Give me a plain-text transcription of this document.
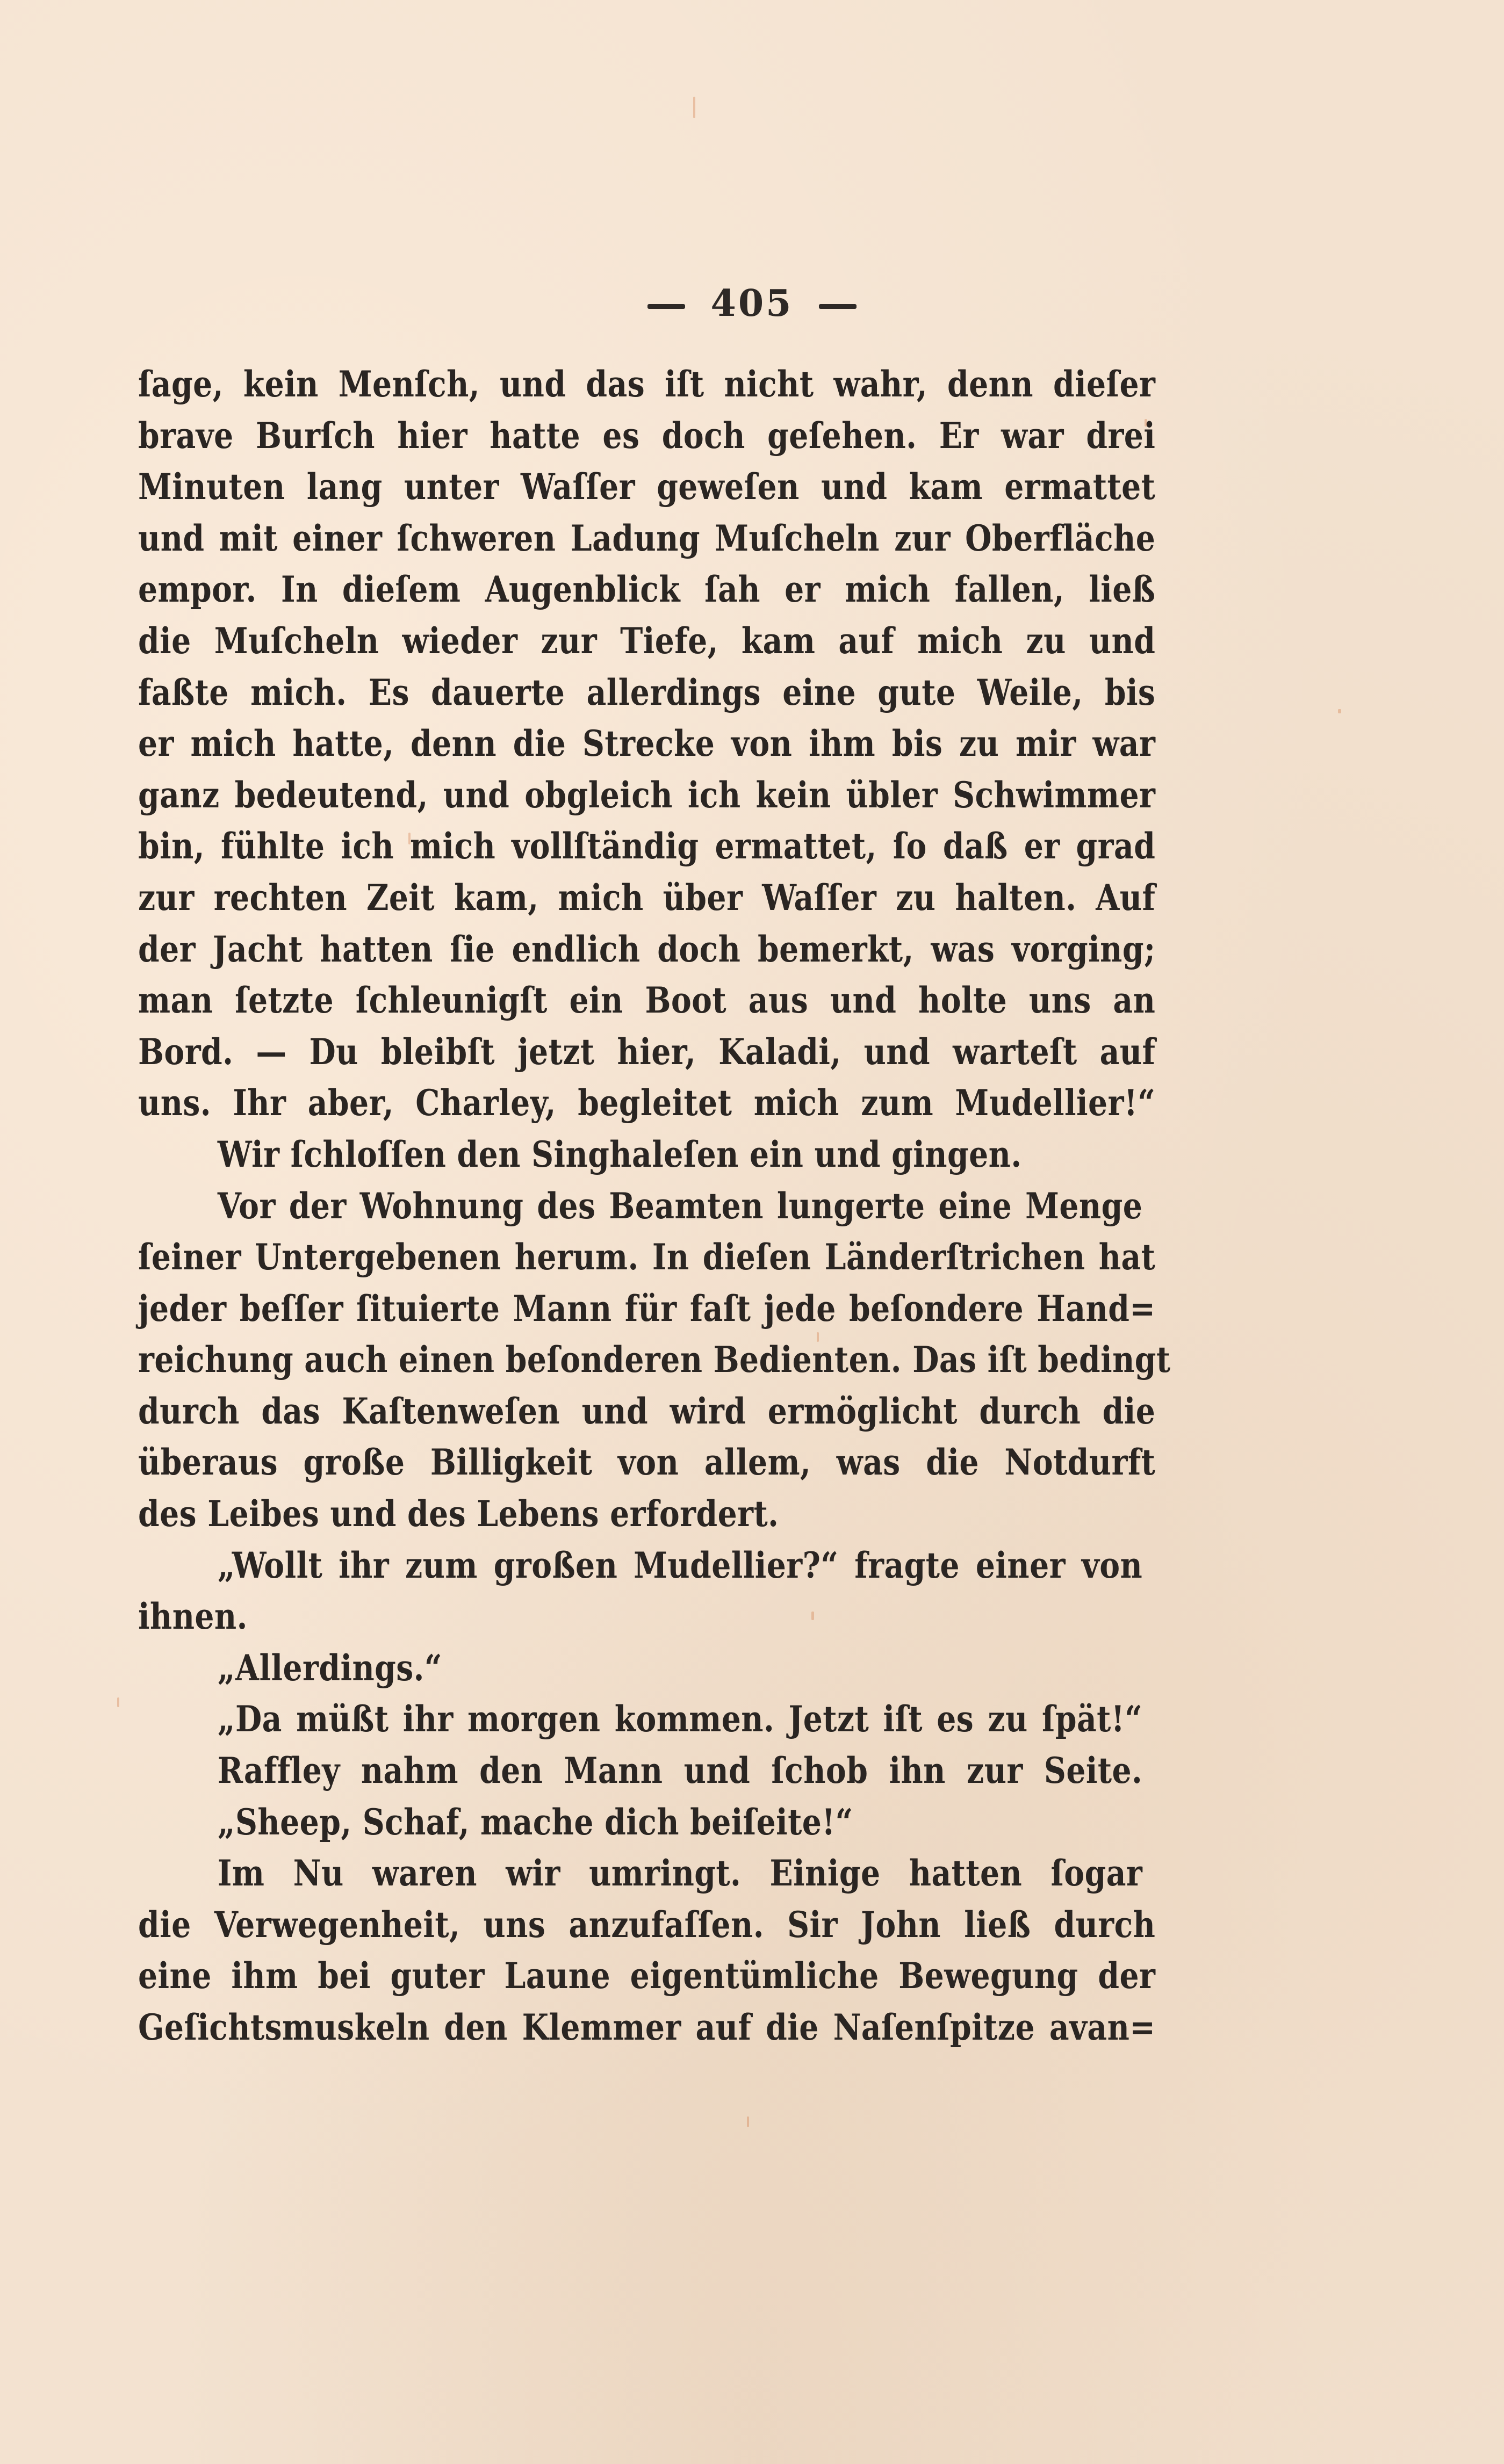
405
ſage, kein Menſch, und das iſt nicht wahr, denn dieſer
brave Burſch hier hatte es doch geſehen. Er war drei
Minuten lang unter Waſſer geweſen und kam ermattet
und mit einer ſchweren Ladung Muſcheln zur Oberfläche
empor. In dieſem Augenblick ſah er mich fallen, ließ
die Muſcheln wieder zur Tiefe, kam auf mich zu und
faßte mich. Es dauerte allerdings eine gute Weile, bis
er mich hatte, denn die Strecke von ihm bis zu mir war
ganz bedeutend, und obgleich ich kein übler Schwimmer
bin, fühlte ich mich vollſtändig ermattet, ſo daß er grad
zur rechten Zeit kam, mich über Waſſer zu halten. Auf
der Jacht hatten ſie endlich doch bemerkt, was vorging;
man ſetzte ſchleunigſt ein Boot aus und holte uns an
Bord. — Du bleibſt jetzt hier, Kaladi, und warteſt auf
uns. Ihr aber, Charley, begleitet mich zum Mudellier!“
Wir ſchloſſen den Singhaleſen ein und gingen.
Vor der Wohnung des Beamten lungerte eine Menge
ſeiner Untergebenen herum. In dieſen Länderſtrichen hat
jeder beſſer ſituierte Mann für faſt jede beſondere Hand=
reichung auch einen beſonderen Bedienten. Das iſt bedingt
durch das Kaſtenweſen und wird ermöglicht durch die
überaus große Billigkeit von allem, was die Notdurft
des Leibes und des Lebens erfordert.
„Wollt ihr zum großen Mudellier?“ fragte einer von
ihnen.
„Allerdings.“
„Da müßt ihr morgen kommen. Jetzt iſt es zu ſpät!“
Raffley nahm den Mann und ſchob ihn zur Seite.
„Sheep, Schaf, mache dich beiſeite!“
Im Nu waren wir umringt. Einige hatten ſogar
die Verwegenheit, uns anzufaſſen. Sir John ließ durch
eine ihm bei guter Laune eigentümliche Bewegung der
Geſichtsmuskeln den Klemmer auf die Naſenſpitze avan=
